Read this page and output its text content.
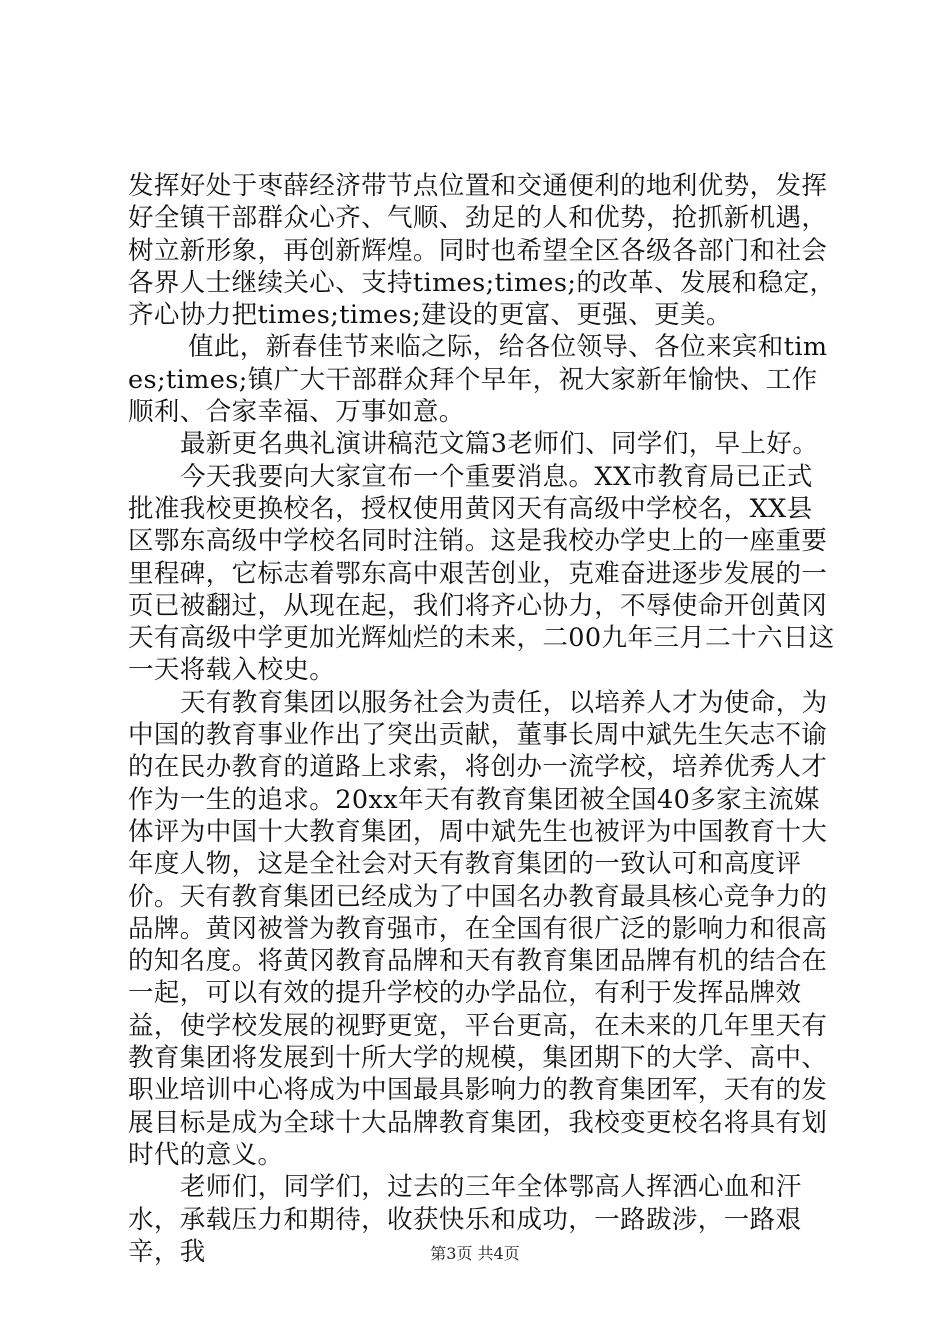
发挥好处于枣薛经济带节点位置和交通便利的地利优势，发挥好全镇干部群众心齐、气顺、劲足的人和优势，抢抓新机遇，树立新形象，再创新辉煌。同时也希望全区各级各部门和社会各界人士继续关心、支持times;times;的改革、发展和稳定，齐心协力把times;times;建设的更富、更强、更美。

值此，新春佳节来临之际，给各位领导、各位来宾和times;times;镇广大干部群众拜个早年，祝大家新年愉快、工作顺利、合家幸福、万事如意。

最新更名典礼演讲稿范文篇3老师们、同学们，早上好。

今天我要向大家宣布一个重要消息。XX市教育局已正式批准我校更换校名，授权使用黄冈天有高级中学校名，XX县区鄂东高级中学校名同时注销。这是我校办学史上的一座重要里程碑，它标志着鄂东高中艰苦创业，克难奋进逐步发展的一页已被翻过，从现在起，我们将齐心协力，不辱使命开创黄冈天有高级中学更加光辉灿烂的未来，二00九年三月二十六日这一天将载入校史。

天有教育集团以服务社会为责任，以培养人才为使命，为中国的教育事业作出了突出贡献，董事长周中斌先生矢志不谕的在民办教育的道路上求索，将创办一流学校，培养优秀人才作为一生的追求。20xx年天有教育集团被全国40多家主流媒体评为中国十大教育集团，周中斌先生也被评为中国教育十大年度人物，这是全社会对天有教育集团的一致认可和高度评价。天有教育集团已经成为了中国名办教育最具核心竞争力的品牌。黄冈被誉为教育强市，在全国有很广泛的影响力和很高的知名度。将黄冈教育品牌和天有教育集团品牌有机的结合在一起，可以有效的提升学校的办学品位，有利于发挥品牌效益，使学校发展的视野更宽，平台更高，在未来的几年里天有教育集团将发展到十所大学的规模，集团期下的大学、高中、职业培训中心将成为中国最具影响力的教育集团军，天有的发展目标是成为全球十大品牌教育集团，我校变更校名将具有划时代的意义。

老师们，同学们，过去的三年全体鄂高人挥洒心血和汗水，承载压力和期待，收获快乐和成功，一路跋涉，一路艰辛，我	第3页 共4页
